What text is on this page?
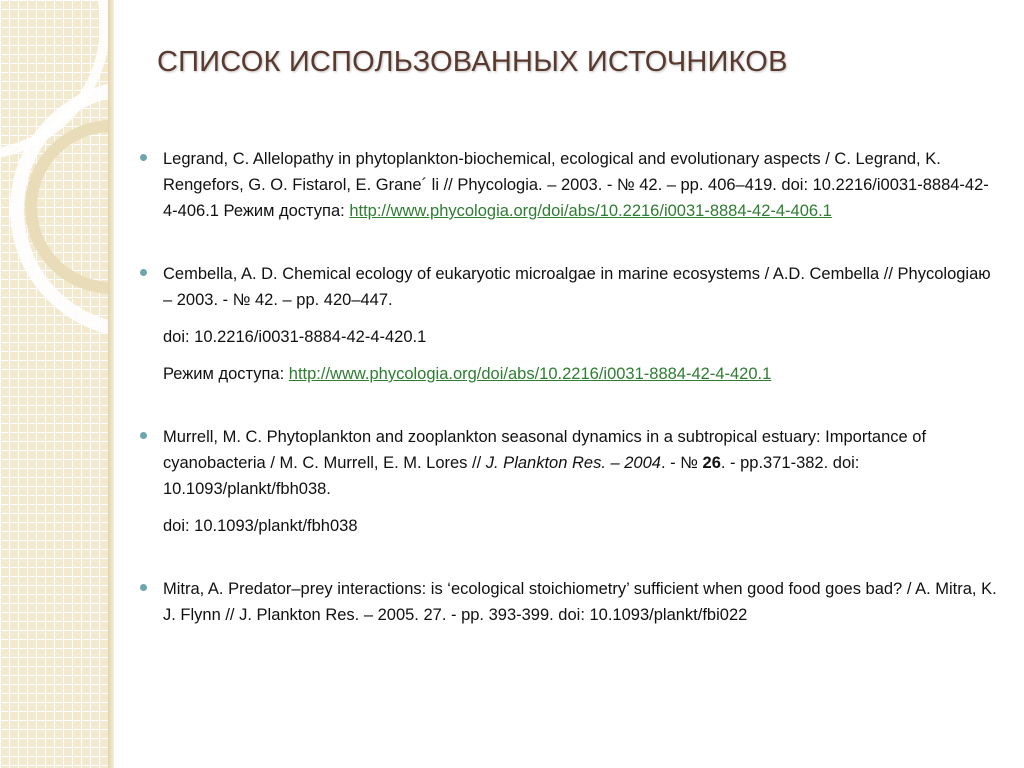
СПИСОК ИСПОЛЬЗОВАННЫХ ИСТОЧНИКОВ

Legrand, C. Allelopathy in phytoplankton-biochemical, ecological and evolutionary aspects / C. Legrand, K. Rengefors, G. O. Fistarol, E. Grane´ li // Phycologia. – 2003. - № 42. – pp. 406–419. doi: 10.2216/i0031-8884-42-4-406.1 Режим доступа: http://www.phycologia.org/doi/abs/10.2216/i0031-8884-42-4-406.1

Cembella, A. D. Chemical ecology of eukaryotic microalgae in marine ecosystems / A.D. Cembella // Phycologiaю – 2003. - № 42. – pp. 420–447.

doi: 10.2216/i0031-8884-42-4-420.1

Режим доступа: http://www.phycologia.org/doi/abs/10.2216/i0031-8884-42-4-420.1

Murrell, M. C. Phytoplankton and zooplankton seasonal dynamics in a subtropical estuary: Importance of cyanobacteria / M. C. Murrell, E. M. Lores // J. Plankton Res. – 2004. - № 26. - pp.371-382. doi: 10.1093/plankt/fbh038.

doi: 10.1093/plankt/fbh038

Mitra, A. Predator–prey interactions: is ‘ecological stoichiometry’ sufficient when good food goes bad? / A. Mitra, K. J. Flynn // J. Plankton Res. – 2005. 27. - pp. 393-399. doi: 10.1093/plankt/fbi022
